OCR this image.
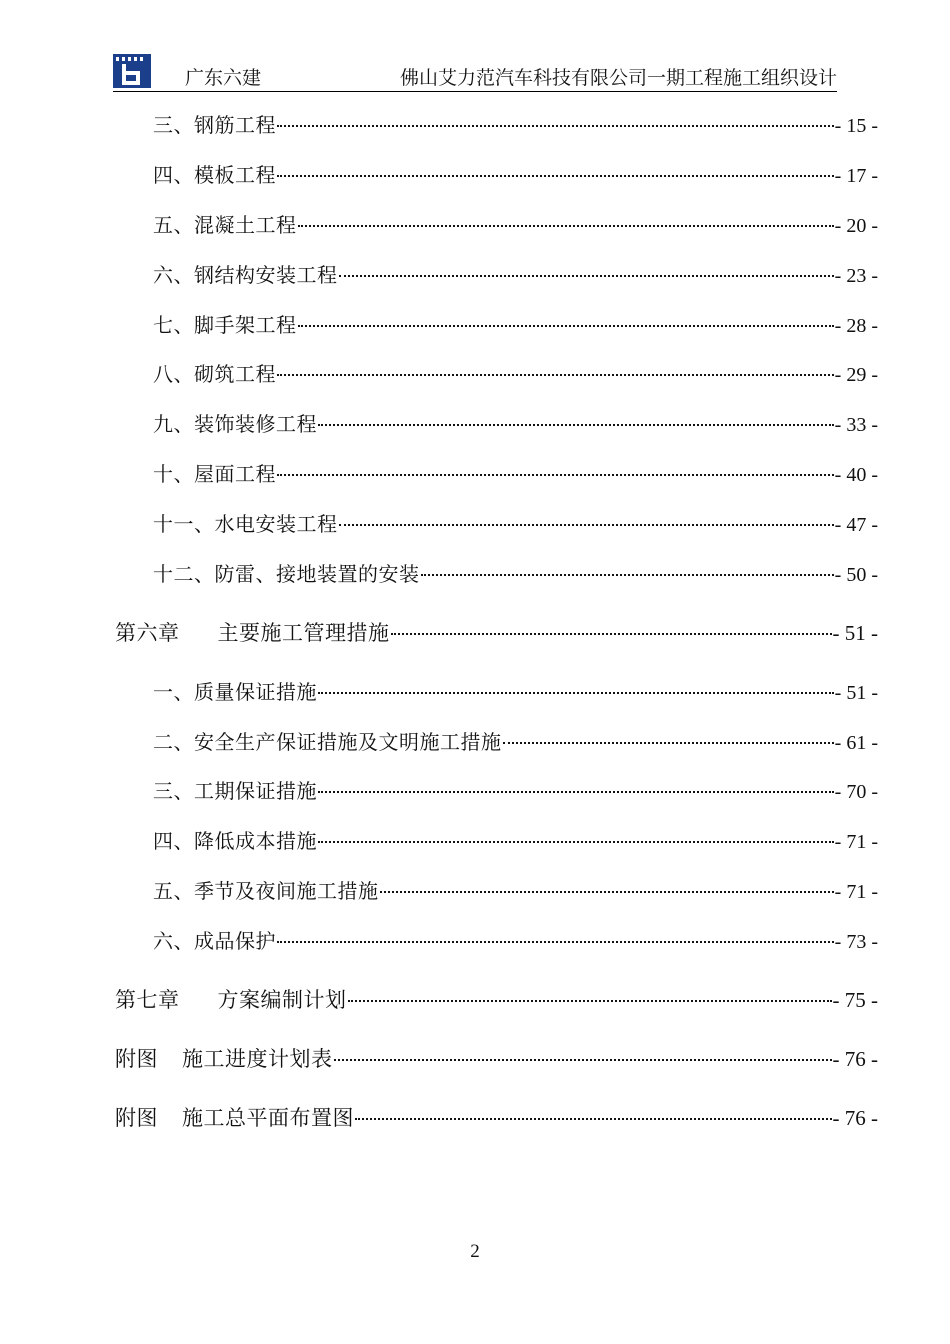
广东六建	佛山艾力范汽车科技有限公司一期工程施工组织设计
三、钢筋工程	- 15 -
四、模板工程	- 17 -
五、混凝土工程	- 20 -
六、钢结构安装工程	- 23 -
七、脚手架工程	- 28 -
八、砌筑工程	- 29 -
九、装饰装修工程	- 33 -
十、屋面工程	- 40 -
十一、水电安装工程	- 47 -
十二、防雷、接地装置的安装	- 50 -
第六章 主要施工管理措施	- 51 -
一、质量保证措施	- 51 -
二、安全生产保证措施及文明施工措施	- 61 -
三、工期保证措施	- 70 -
四、降低成本措施	- 71 -
五、季节及夜间施工措施	- 71 -
六、成品保护	- 73 -
第七章 方案编制计划	- 75 -
附图 施工进度计划表	- 76 -
附图 施工总平面布置图	- 76 -
2
